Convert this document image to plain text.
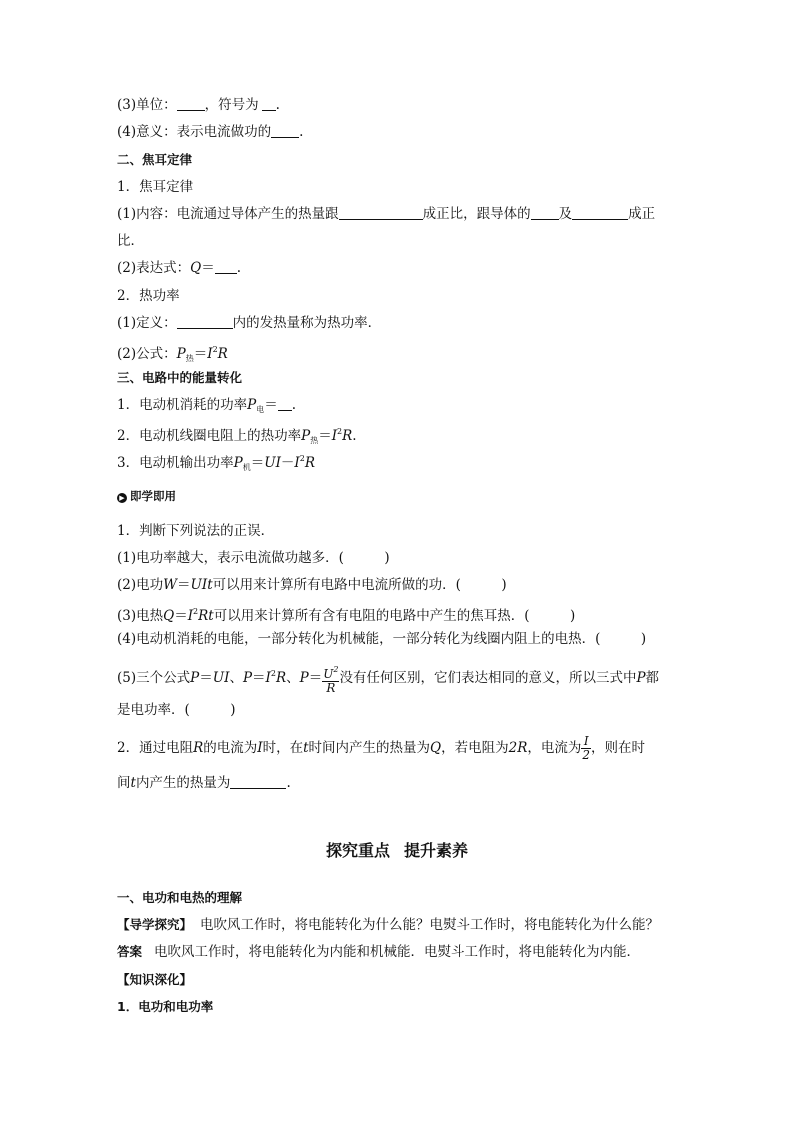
(3)单位： ，符号为 .
(4)意义：表示电流做功的 .
二、焦耳定律
1．焦耳定律
(1)内容：电流通过导体产生的热量跟	成正比，跟导体的 及	成正
比．
(2)表达式：Q＝ .
2．热功率
(1)定义：	内的发热量称为热功率．
(2)公式：$P_热=I^2R$
三、电路中的能量转化
1．电动机消耗的功率$P_电=$ .
2．电动机线圈电阻上的热功率$P_热=I^2R$.
3．电动机输出功率$P_机=UI-I^2R$
▶ 即学即用
1．判断下列说法的正误．
(1)电功率越大，表示电流做功越多．(　　　)
(2)电功W＝UIt可以用来计算所有电路中电流所做的功．(　　　)
(3)电热$Q=I^2Rt$可以用来计算所有含有电阻的电路中产生的焦耳热．(　　　)
(4)电动机消耗的电能，一部分转化为机械能，一部分转化为线圈内阻上的电热．(　　　)
(5)三个公式P＝UI、$P=I^2R$、$P= \frac{U^2}{R}$ 没有任何区别，它们表达相同的意义，所以三式中P都
是电功率．(　　　)
2．通过电阻R的电流为I时，在t时间内产生的热量为Q，若电阻为2R，电流为 $\frac{I}{2}$ ，则在时
间t内产生的热量为	.
探究重点 提升素养
一、电功和电热的理解
【导学探究】 电吹风工作时，将电能转化为什么能？电熨斗工作时，将电能转化为什么能？
答案 电吹风工作时，将电能转化为内能和机械能．电熨斗工作时，将电能转化为内能．
【知识深化】
1．电功和电功率
